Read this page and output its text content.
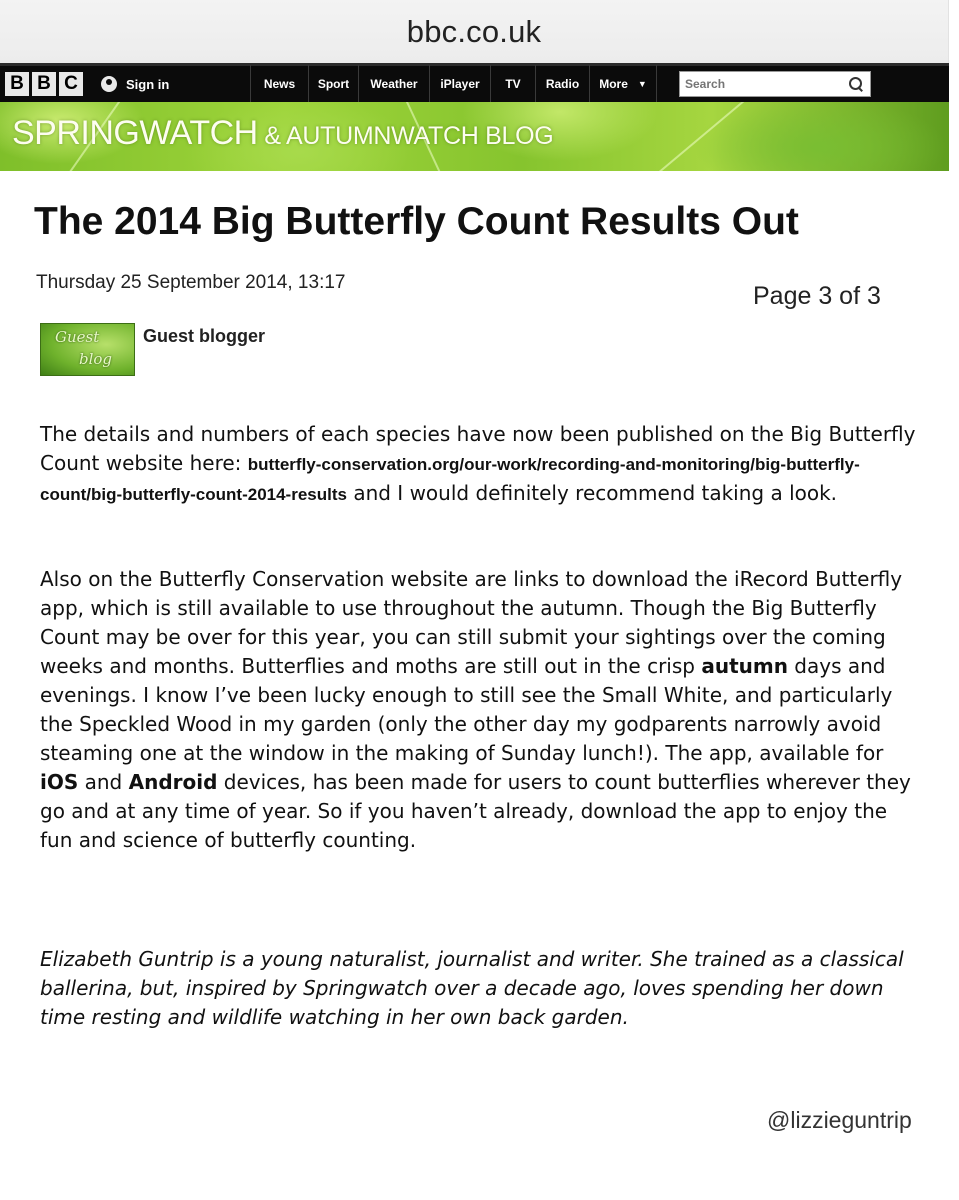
bbc.co.uk
B B C	Sign in	News Sport Weather iPlayer TV Radio More ▼
Search
SPRINGWATCH & AUTUMNWATCH BLOG
The 2014 Big Butterfly Count Results Out
Thursday 25 September 2014, 13:17	Page 3 of 3
Guest
blog
Guest blogger

The details and numbers of each species have now been published on the Big Butterfly Count website here: butterfly-conservation.org/our-work/recording-and-monitoring/big-butterfly-count/big-butterfly-count-2014-results and I would definitely recommend taking a look.

Also on the Butterfly Conservation website are links to download the iRecord Butterfly app, which is still available to use throughout the autumn. Though the Big Butterfly Count may be over for this year, you can still submit your sightings over the coming weeks and months. Butterflies and moths are still out in the crisp autumn days and evenings. I know I’ve been lucky enough to still see the Small White, and particularly the Speckled Wood in my garden (only the other day my godparents narrowly avoid steaming one at the window in the making of Sunday lunch!). The app, available for iOS and Android devices, has been made for users to count butterflies wherever they go and at any time of year. So if you haven’t already, download the app to enjoy the fun and science of butterfly counting.

Elizabeth Guntrip is a young naturalist, journalist and writer. She trained as a classical ballerina, but, inspired by Springwatch over a decade ago, loves spending her down time resting and wildlife watching in her own back garden.

@lizzieguntrip
